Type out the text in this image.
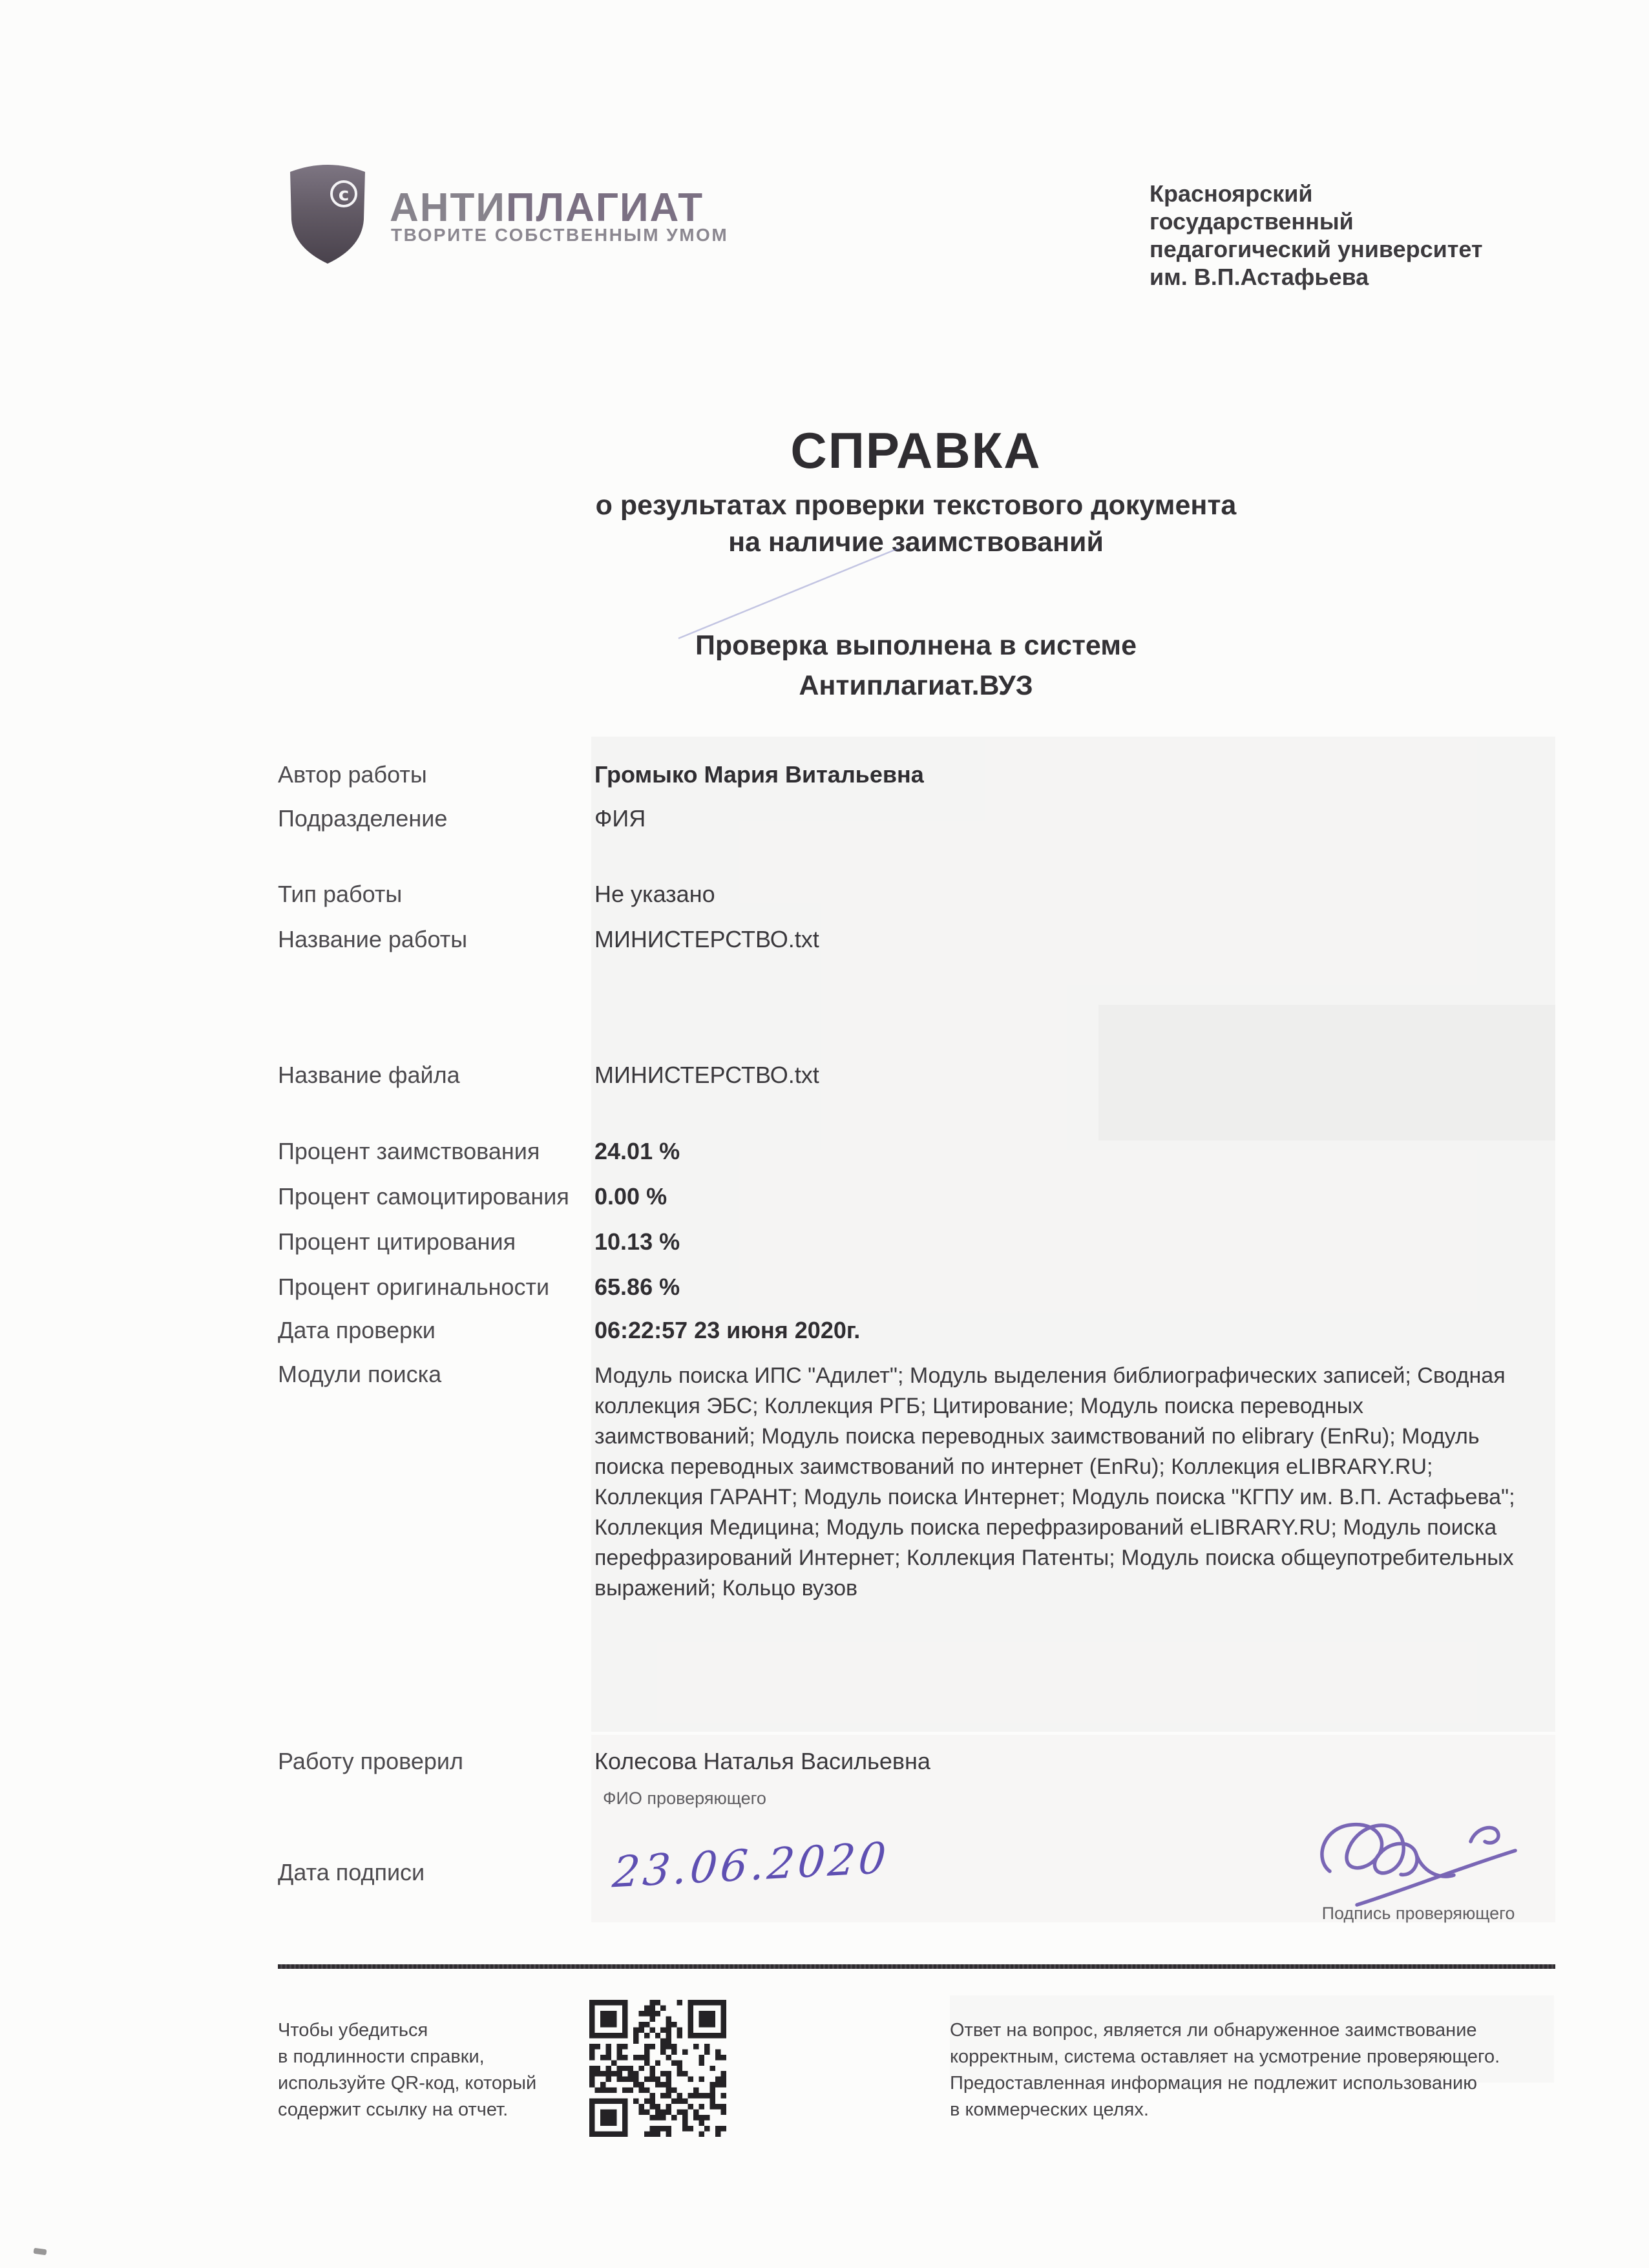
c АНТИПЛАГИАТ
ТВОРИТЕ СОБСТВЕННЫМ УМОМ
Красноярский
государственный
педагогический университет
им. В.П.Астафьева
СПРАВКА
о результатах проверки текстового документа
на наличие заимствований
Проверка выполнена в системе
Антиплагиат.ВУЗ
Автор работы	Громыко Мария Витальевна
Подразделение	ФИЯ
Тип работы	Не указано
Название работы	МИНИСТЕРСТВО.txt
Название файла	МИНИСТЕРСТВО.txt
Процент заимствования 24.01 %
Процент самоцитирования 0.00 %
Процент цитирования	10.13 %
Процент оригинальности 65.86 %
Дата проверки	06:22:57 23 июня 2020г.
Модули поиска	Модуль поиска ИПС "Адилет"; Модуль выделения библиографических записей; Сводная коллекция ЭБС; Коллекция РГБ; Цитирование; Модуль поиска переводных заимствований; Модуль поиска переводных заимствований по elibrary (EnRu); Модуль поиска переводных заимствований по интернет (EnRu); Коллекция eLIBRARY.RU; Коллекция ГАРАНТ; Модуль поиска Интернет; Модуль поиска "КГПУ им. В.П. Астафьева"; Коллекция Медицина; Модуль поиска перефразирований eLIBRARY.RU; Модуль поиска перефразирований Интернет; Коллекция Патенты; Модуль поиска общеупотребительных выражений; Кольцо вузов
Работу проверил	Колесова Наталья Васильевна
ФИО проверяющего
Дата подписи	23.06.2020
Подпись проверяющего
Чтобы убедиться
в подлинности справки,
используйте QR-код, который
содержит ссылку на отчет.
Ответ на вопрос, является ли обнаруженное заимствование
корректным, система оставляет на усмотрение проверяющего.
Предоставленная информация не подлежит использованию
в коммерческих целях.
